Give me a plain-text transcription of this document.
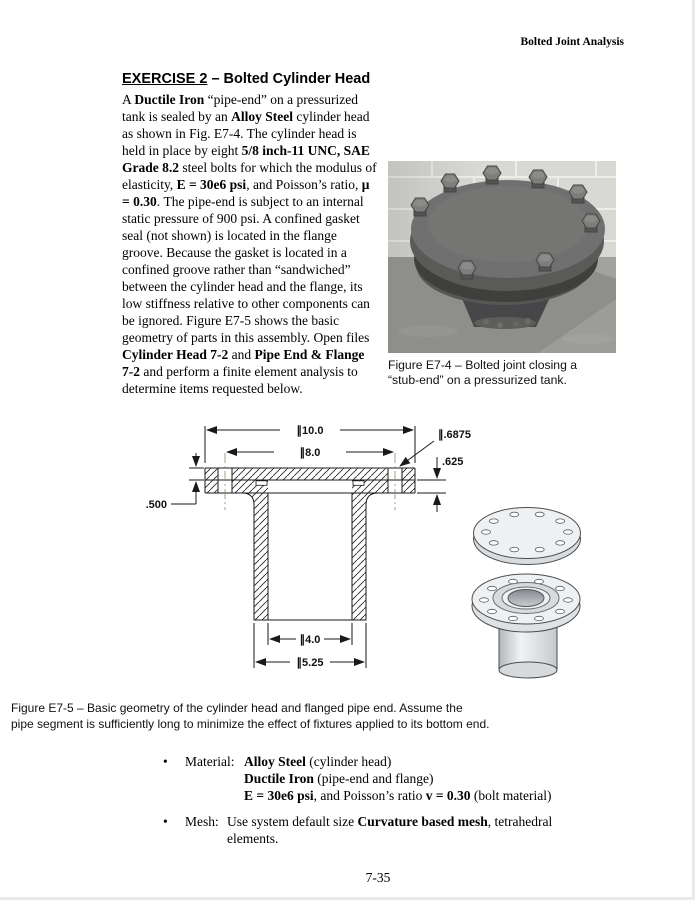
Bolted Joint Analysis
EXERCISE 2 – Bolted Cylinder Head

Figure E7-4 – Bolted joint closing a
“stub-end” on a pressurized tank.
A Ductile Iron “pipe-end” on a pressurized tank is sealed by an Alloy Steel cylinder head as shown in Fig. E7-4. The cylinder head is held in place by eight 5/8 inch-11 UNC, SAE Grade 8.2 steel bolts for which the modulus of elasticity, E = 30e6 psi, and Poisson’s ratio, μ = 0.30. The pipe-end is subject to an internal static pressure of 900 psi. A confined gasket seal (not shown) is located in the flange groove. Because the gasket is located in a confined groove rather than “sandwiched” between the cylinder head and the flange, its low stiffness relative to other components can be ignored. Figure E7-5 shows the basic geometry of parts in this assembly. Open files Cylinder Head 7-2 and Pipe End & Flange 7-2 and perform a finite element analysis to determine items requested below.

∥10.0
∥8.0
∥.6875
.625
.500
∥4.0
∥5.25
Figure E7-5 – Basic geometry of the cylinder head and flanged pipe end. Assume the
pipe segment is sufficiently long to minimize the effect of fixtures applied to its bottom end.
•	Material: Alloy Steel (cylinder head)
Ductile Iron (pipe-end and flange)
E = 30e6 psi, and Poisson’s ratio v = 0.30 (bolt material)
•	Mesh: Use system default size Curvature based mesh, tetrahedral
elements.
7-35
